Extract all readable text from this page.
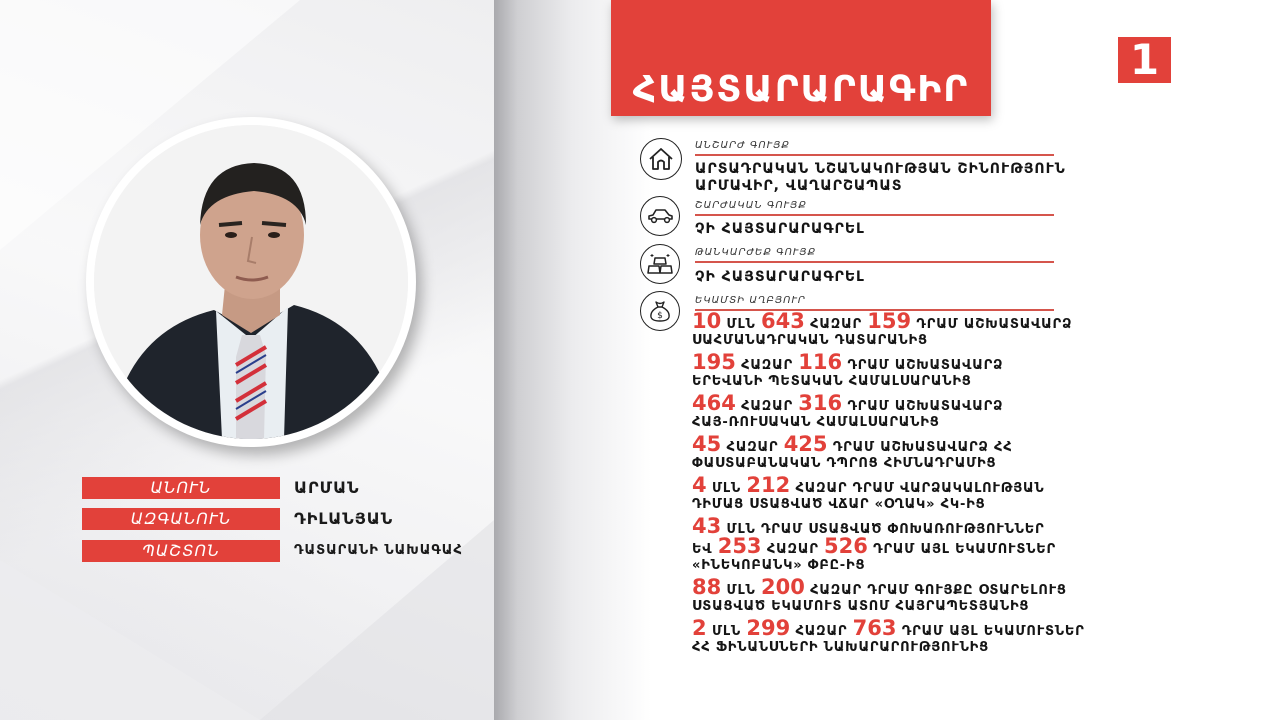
ԱՆՈՒՆ	ԱՐՄԱՆ
ԱԶԳԱՆՈՒՆ	ԴԻԼԱՆՅԱՆ
ՊԱՇՏՈՆ	ԴԱՏԱՐԱՆԻ ՆԱԽԱԳԱՀ
ՀԱՅՏԱՐԱՐԱԳԻՐ
1
ԱՆՇԱՐԺ ԳՈՒՅՔ
ԱՐՏԱԴՐԱԿԱՆ ՆՇԱՆԱԿՈՒԹՅԱՆ ՇԻՆՈՒԹՅՈՒՆ
ԱՐՄԱՎԻՐ, ՎԱՂԱՐՇԱՊԱՏ
ՇԱՐԺԱԿԱՆ ԳՈՒՅՔ
ՉԻ ՀԱՅՏԱՐԱՐԱԳՐԵԼ
ԹԱՆԿԱՐԺԵՔ ԳՈՒՅՔ
ՉԻ ՀԱՅՏԱՐԱՐԱԳՐԵԼ
$
ԵԿԱՄՏԻ ԱՂԲՅՈՒՐ
10 ՄԼՆ 643 ՀԱԶԱՐ 159 ԴՐԱՄ ԱՇԽԱՏԱՎԱՐՁ
ՍԱՀՄԱՆԱԴՐԱԿԱՆ ԴԱՏԱՐԱՆԻՑ
195 ՀԱԶԱՐ 116 ԴՐԱՄ ԱՇԽԱՏԱՎԱՐՁ
ԵՐԵՎԱՆԻ ՊԵՏԱԿԱՆ ՀԱՄԱԼՍԱՐԱՆԻՑ
464 ՀԱԶԱՐ 316 ԴՐԱՄ ԱՇԽԱՏԱՎԱՐՁ
ՀԱՅ-ՌՈՒՍԱԿԱՆ ՀԱՄԱԼՍԱՐԱՆԻՑ
45 ՀԱԶԱՐ 425 ԴՐԱՄ ԱՇԽԱՏԱՎԱՐՁ ՀՀ
ՓԱՍՏԱԲԱՆԱԿԱՆ ԴՊՐՈՑ ՀԻՄՆԱԴՐԱՄԻՑ
4 ՄԼՆ 212 ՀԱԶԱՐ ԴՐԱՄ ՎԱՐՁԱԿԱԼՈՒԹՅԱՆ
ԴԻՄԱՑ ՍՏԱՑՎԱԾ ՎՃԱՐ «ՕՂԱԿ» ՀԿ-ԻՑ
43 ՄԼՆ ԴՐԱՄ ՍՏԱՑՎԱԾ ՓՈԽԱՌՈՒԹՅՈՒՆՆԵՐ
ԵՎ 253 ՀԱԶԱՐ 526 ԴՐԱՄ ԱՅԼ ԵԿԱՄՈՒՏՆԵՐ
«ԻՆԵԿՈԲԱՆԿ» ՓԲԸ-ԻՑ
88 ՄԼՆ 200 ՀԱԶԱՐ ԴՐԱՄ ԳՈՒՅՔԸ ՕՏԱՐԵԼՈՒՑ
ՍՏԱՑՎԱԾ ԵԿԱՄՈՒՏ ԱՏՈՄ ՀԱՅՐԱՊԵՏՅԱՆԻՑ
2 ՄԼՆ 299 ՀԱԶԱՐ 763 ԴՐԱՄ ԱՅԼ ԵԿԱՄՈՒՏՆԵՐ
ՀՀ ՖԻՆԱՆՍՆԵՐԻ ՆԱԽԱՐԱՐՈՒԹՅՈՒՆԻՑ
